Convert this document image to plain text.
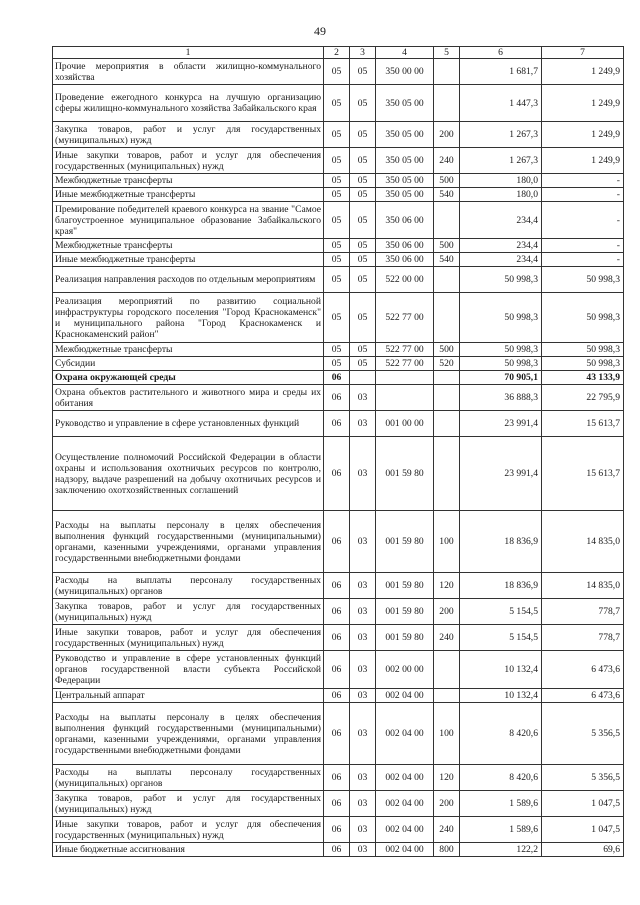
49
1	2	3	4	5	6	7
Прочие мероприятия в области жилищно-коммунального хозяйства	05	05	350 00 00		1 681,7	1 249,9
Проведение ежегодного конкурса на лучшую организацию сферы жилищно-коммунального хозяйства Забайкальского края	05	05	350 05 00		1 447,3	1 249,9
Закупка товаров, работ и услуг для государственных (муниципальных) нужд	05	05	350 05 00	200	1 267,3	1 249,9
Иные закупки товаров, работ и услуг для обеспечения государственных (муниципальных) нужд	05	05	350 05 00	240	1 267,3	1 249,9
Межбюджетные трансферты	05	05	350 05 00	500	180,0	-
Иные межбюджетные трансферты	05	05	350 05 00	540	180,0	-
Премирование победителей краевого конкурса на звание "Самое благоустроенное муниципальное образование Забайкальского края"	05	05	350 06 00		234,4	-
Межбюджетные трансферты	05	05	350 06 00	500	234,4	-
Иные межбюджетные трансферты	05	05	350 06 00	540	234,4	-
Реализация направления расходов по отдельным мероприятиям	05	05	522 00 00		50 998,3	50 998,3
Реализация мероприятий по развитию социальной инфраструктуры городского поселения "Город Краснокаменск" и муниципального района "Город Краснокаменск и Краснокаменский район"	05	05	522 77 00		50 998,3	50 998,3
Межбюджетные трансферты	05	05	522 77 00	500	50 998,3	50 998,3
Субсидии	05	05	522 77 00	520	50 998,3	50 998,3
Охрана окружающей среды	06				70 905,1	43 133,9
Охрана объектов растительного и животного мира и среды их обитания	06	03			36 888,3	22 795,9
Руководство и управление в сфере установленных функций	06	03	001 00 00		23 991,4	15 613,7
Осуществление полномочий Российской Федерации в области охраны и использования охотничьих ресурсов по контролю, надзору, выдаче разрешений на добычу охотничьих ресурсов и заключению охотхозяйственных соглашений	06	03	001 59 80		23 991,4	15 613,7
Расходы на выплаты персоналу в целях обеспечения выполнения функций государственными (муниципальными) органами, казенными учреждениями, органами управления государственными внебюджетными фондами	06	03	001 59 80	100	18 836,9	14 835,0
Расходы на выплаты персоналу государственных (муниципальных) органов	06	03	001 59 80	120	18 836,9	14 835,0
Закупка товаров, работ и услуг для государственных (муниципальных) нужд	06	03	001 59 80	200	5 154,5	778,7
Иные закупки товаров, работ и услуг для обеспечения государственных (муниципальных) нужд	06	03	001 59 80	240	5 154,5	778,7
Руководство и управление в сфере установленных функций органов государственной власти субъекта Российской Федерации	06	03	002 00 00		10 132,4	6 473,6
Центральный аппарат	06	03	002 04 00		10 132,4	6 473,6
Расходы на выплаты персоналу в целях обеспечения выполнения функций государственными (муниципальными) органами, казенными учреждениями, органами управления государственными внебюджетными фондами	06	03	002 04 00	100	8 420,6	5 356,5
Расходы на выплаты персоналу государственных (муниципальных) органов	06	03	002 04 00	120	8 420,6	5 356,5
Закупка товаров, работ и услуг для государственных (муниципальных) нужд	06	03	002 04 00	200	1 589,6	1 047,5
Иные закупки товаров, работ и услуг для обеспечения государственных (муниципальных) нужд	06	03	002 04 00	240	1 589,6	1 047,5
Иные бюджетные ассигнования	06	03	002 04 00	800	122,2	69,6
